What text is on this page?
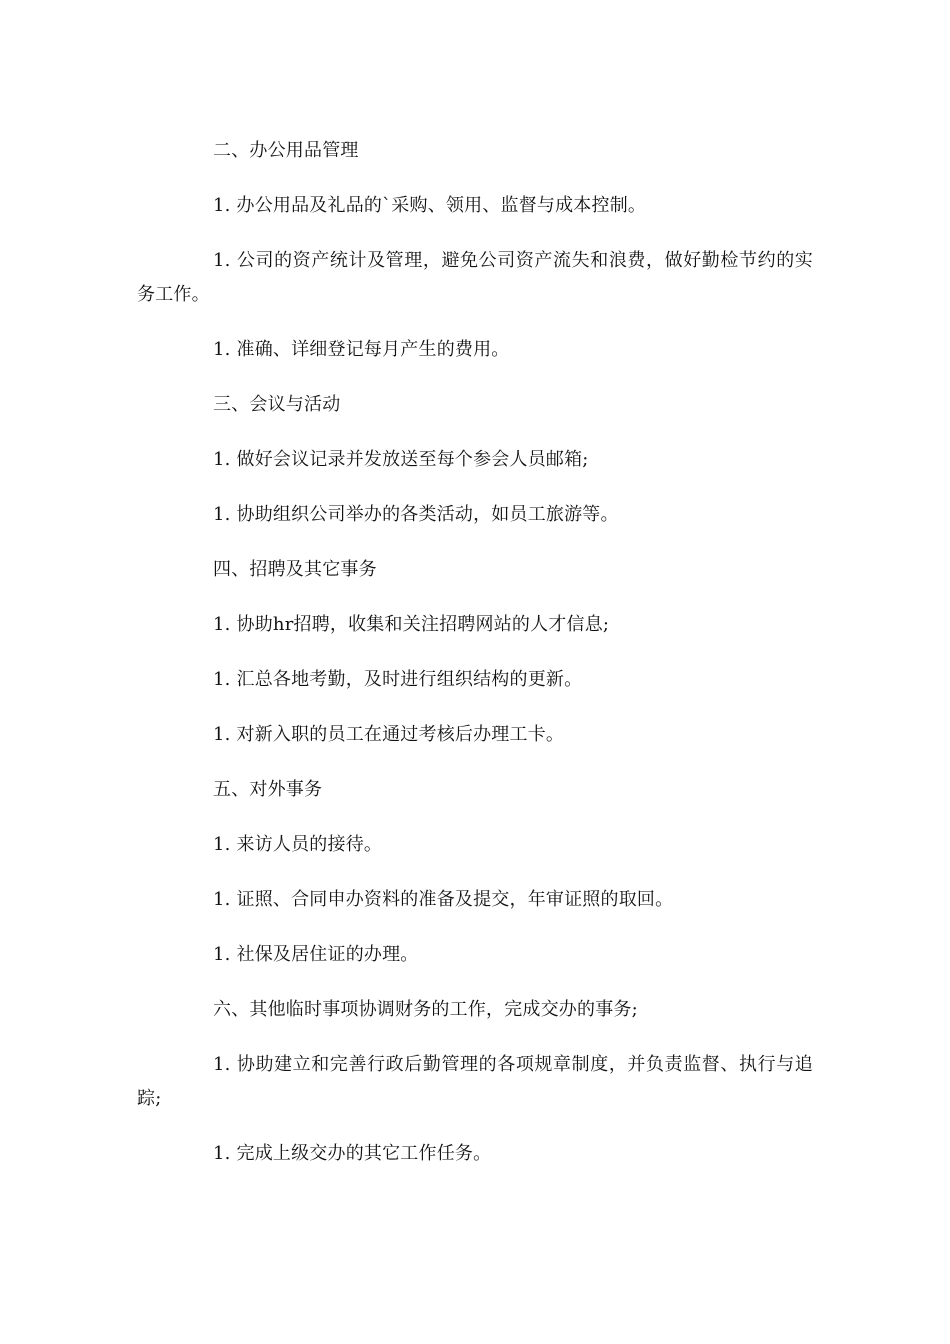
二、办公用品管理

1. 办公用品及礼品的`采购、领用、监督与成本控制。

1. 公司的资产统计及管理，避免公司资产流失和浪费，做好勤检节约的实务工作。

1. 准确、详细登记每月产生的费用。

三、会议与活动

1. 做好会议记录并发放送至每个参会人员邮箱;

1. 协助组织公司举办的各类活动，如员工旅游等。

四、招聘及其它事务

1. 协助hr招聘，收集和关注招聘网站的人才信息;

1. 汇总各地考勤，及时进行组织结构的更新。

1. 对新入职的员工在通过考核后办理工卡。

五、对外事务

1. 来访人员的接待。

1. 证照、合同申办资料的准备及提交，年审证照的取回。

1. 社保及居住证的办理。

六、其他临时事项协调财务的工作，完成交办的事务;

1. 协助建立和完善行政后勤管理的各项规章制度，并负责监督、执行与追踪;

1. 完成上级交办的其它工作任务。
